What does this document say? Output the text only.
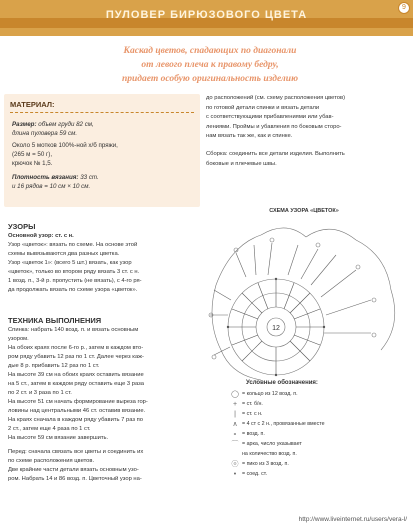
ПУЛОВЕР БИРЮЗОВОГО ЦВЕТА
9
Каскад цветов, спадающих по диагонали
от левого плеча к правому бедру,
придает особую оригинальность изделию
МАТЕРИАЛ:
Размер: объем груди 82 см,
длина пуловера 59 см.
Около 5 мотков 100%-ной х/б пряжи,
(265 м = 50 г),
крючок № 1,5.
Плотность вязания: 33 ст.
и 16 рядов = 10 см × 10 см.
УЗОРЫ
Основной узор: ст. с н.
Узор «цветок»: вязать по схеме. На основе этой
схемы вывязываются два разных цветка.
Узор «цветок 1»: (всего 5 шт.) вязать, как узор
«цветок», только во втором ряду вязать 3 ст. с н.
1 возд. п., 3-й р. пропустить (не вязать), с 4-го ря-
да продолжать вязать по схеме узора «цветок».
ТЕХНИКА ВЫПОЛНЕНИЯ
Спинка: набрать 140 возд. п. и вязать основным
узором.
На обоих краях после 6-го р., затем в каждом вто-
ром ряду убавить 12 раз по 1 ст. Далее через каж-
дые 8 р. прибавить 12 раз по 1 ст.
На высоте 39 см на обоих краях оставить вязание
на 5 ст., затем в каждом ряду оставить еще 3 раза
по 2 ст. и 3 раза по 1 ст.
На высоте 51 см начать формирование выреза гор-
ловины над центральными 46 ст. оставив вязание.
На краях сначала в каждом ряду убавить 7 раз по
2 ст., затем еще 4 раза по 1 ст.
На высоте 59 см вязание завершить.
Перед: сначала связать все цветы и соединить их
по схеме расположения цветов.
Две крайние части детали вязать основным узо-
ром. Набрать 14 и 86 возд. п. Цветочный узор на-
до расположений (см. схему расположения цветов)
по готовой детали спинки и вязать детали
с соответствующими прибавлениями или убав-
лениями. Проймы и убавления по боковым сторо-
нам вязать так же, как и спинке.
Сборка: соединить все детали изделия. Выполнить
боковые и плечевые швы.
СХЕМА УЗОРА «ЦВЕТОК»
12
Условные обозначения:
◯ = кольцо из 12 возд. п.
+ = ст. б/н.
|	= ст. с н.
∧ = 4 ст с 2 н., провязанные вместе
∘ = возд. п.
⌒ = арка, число указывает
на количество возд. п.
ⓞ = пико из 3 возд. п.
•	= соед. ст.
http://www.liveinternet.ru/users/vera-l/
